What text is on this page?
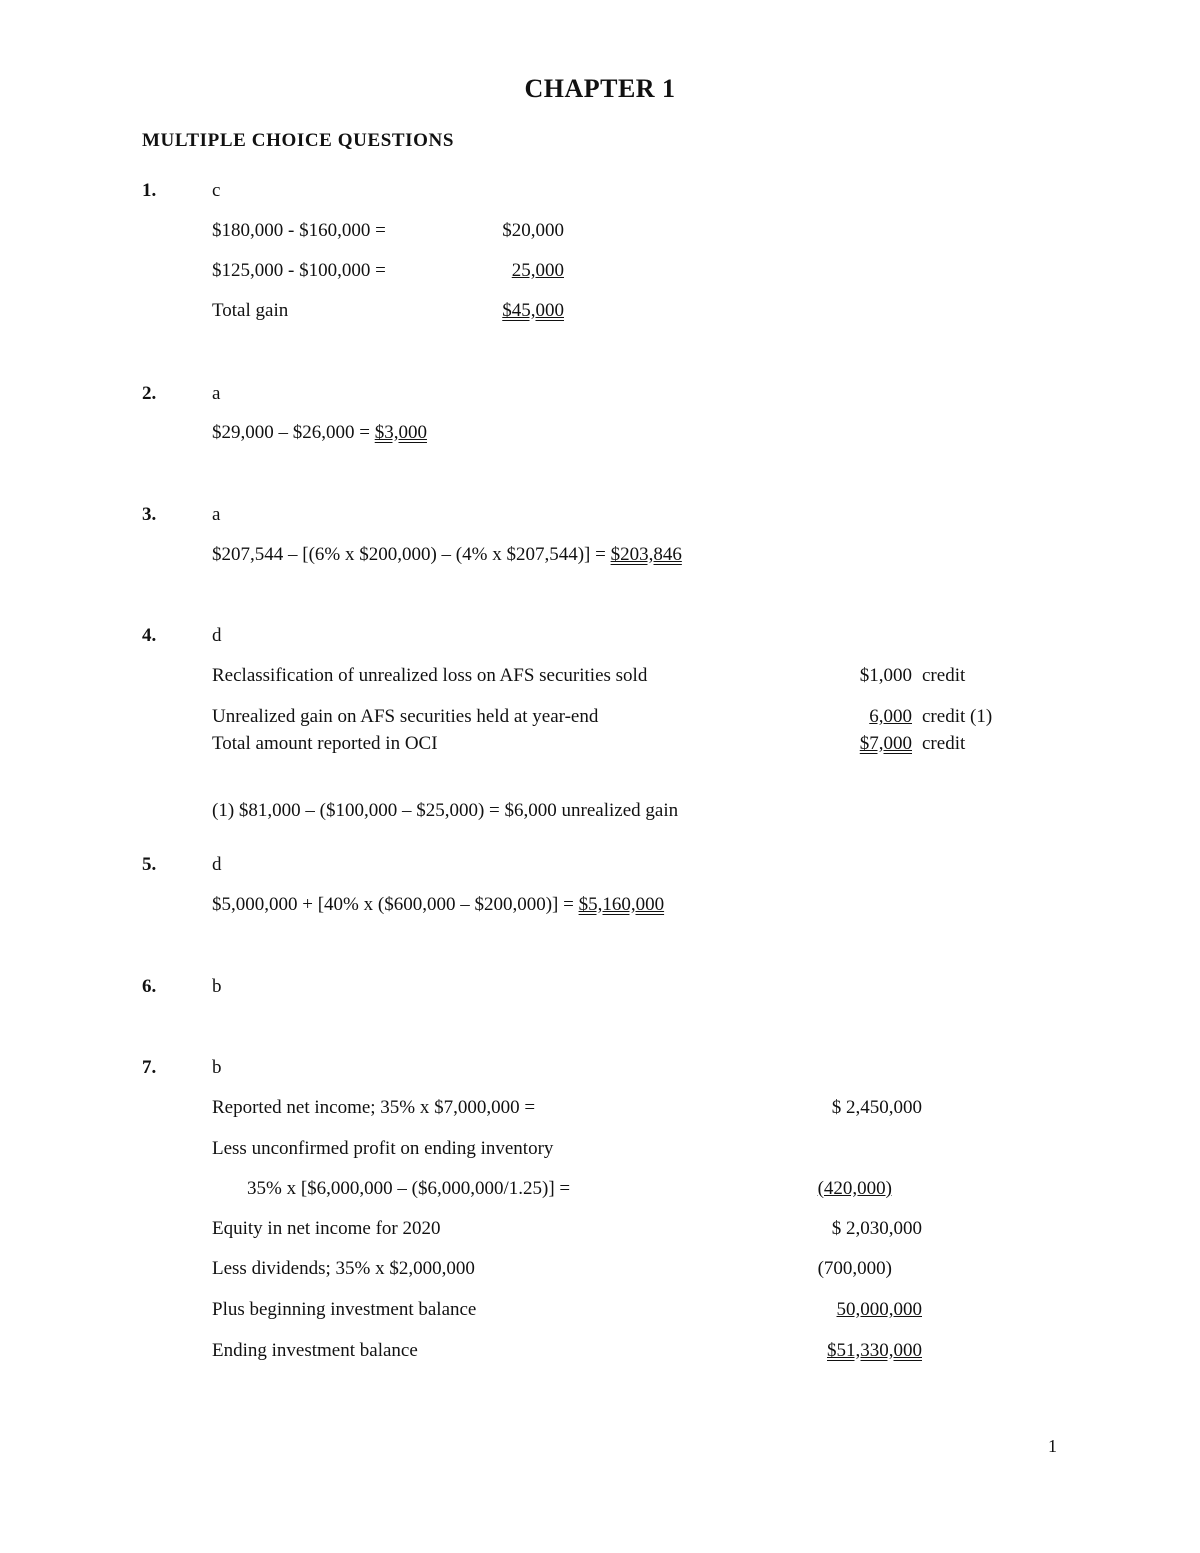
CHAPTER 1
MULTIPLE CHOICE QUESTIONS
1.	c
$180,000 - $160,000 =	$20,000
$125,000 - $100,000 =	25,000
Total gain	$45,000
2.	a
$29,000 – $26,000 = $3,000
3.	a
$207,544 – [(6% x $200,000) – (4% x $207,544)] = $203,846
4.	d
Reclassification of unrealized loss on AFS securities sold	$1,000 credit
Unrealized gain on AFS securities held at year-end	6,000 credit (1)
Total amount reported in OCI	$7,000 credit
(1) $81,000 – ($100,000 – $25,000) = $6,000 unrealized gain
5.	d
$5,000,000 + [40% x ($600,000 – $200,000)] = $5,160,000
6.	b
7.	b
Reported net income; 35% x $7,000,000 =	$ 2,450,000
Less unconfirmed profit on ending inventory
35% x [$6,000,000 – ($6,000,000/1.25)] =	(420,000)
Equity in net income for 2020	$ 2,030,000
Less dividends; 35% x $2,000,000	(700,000)
Plus beginning investment balance	50,000,000
Ending investment balance	$51,330,000
1
